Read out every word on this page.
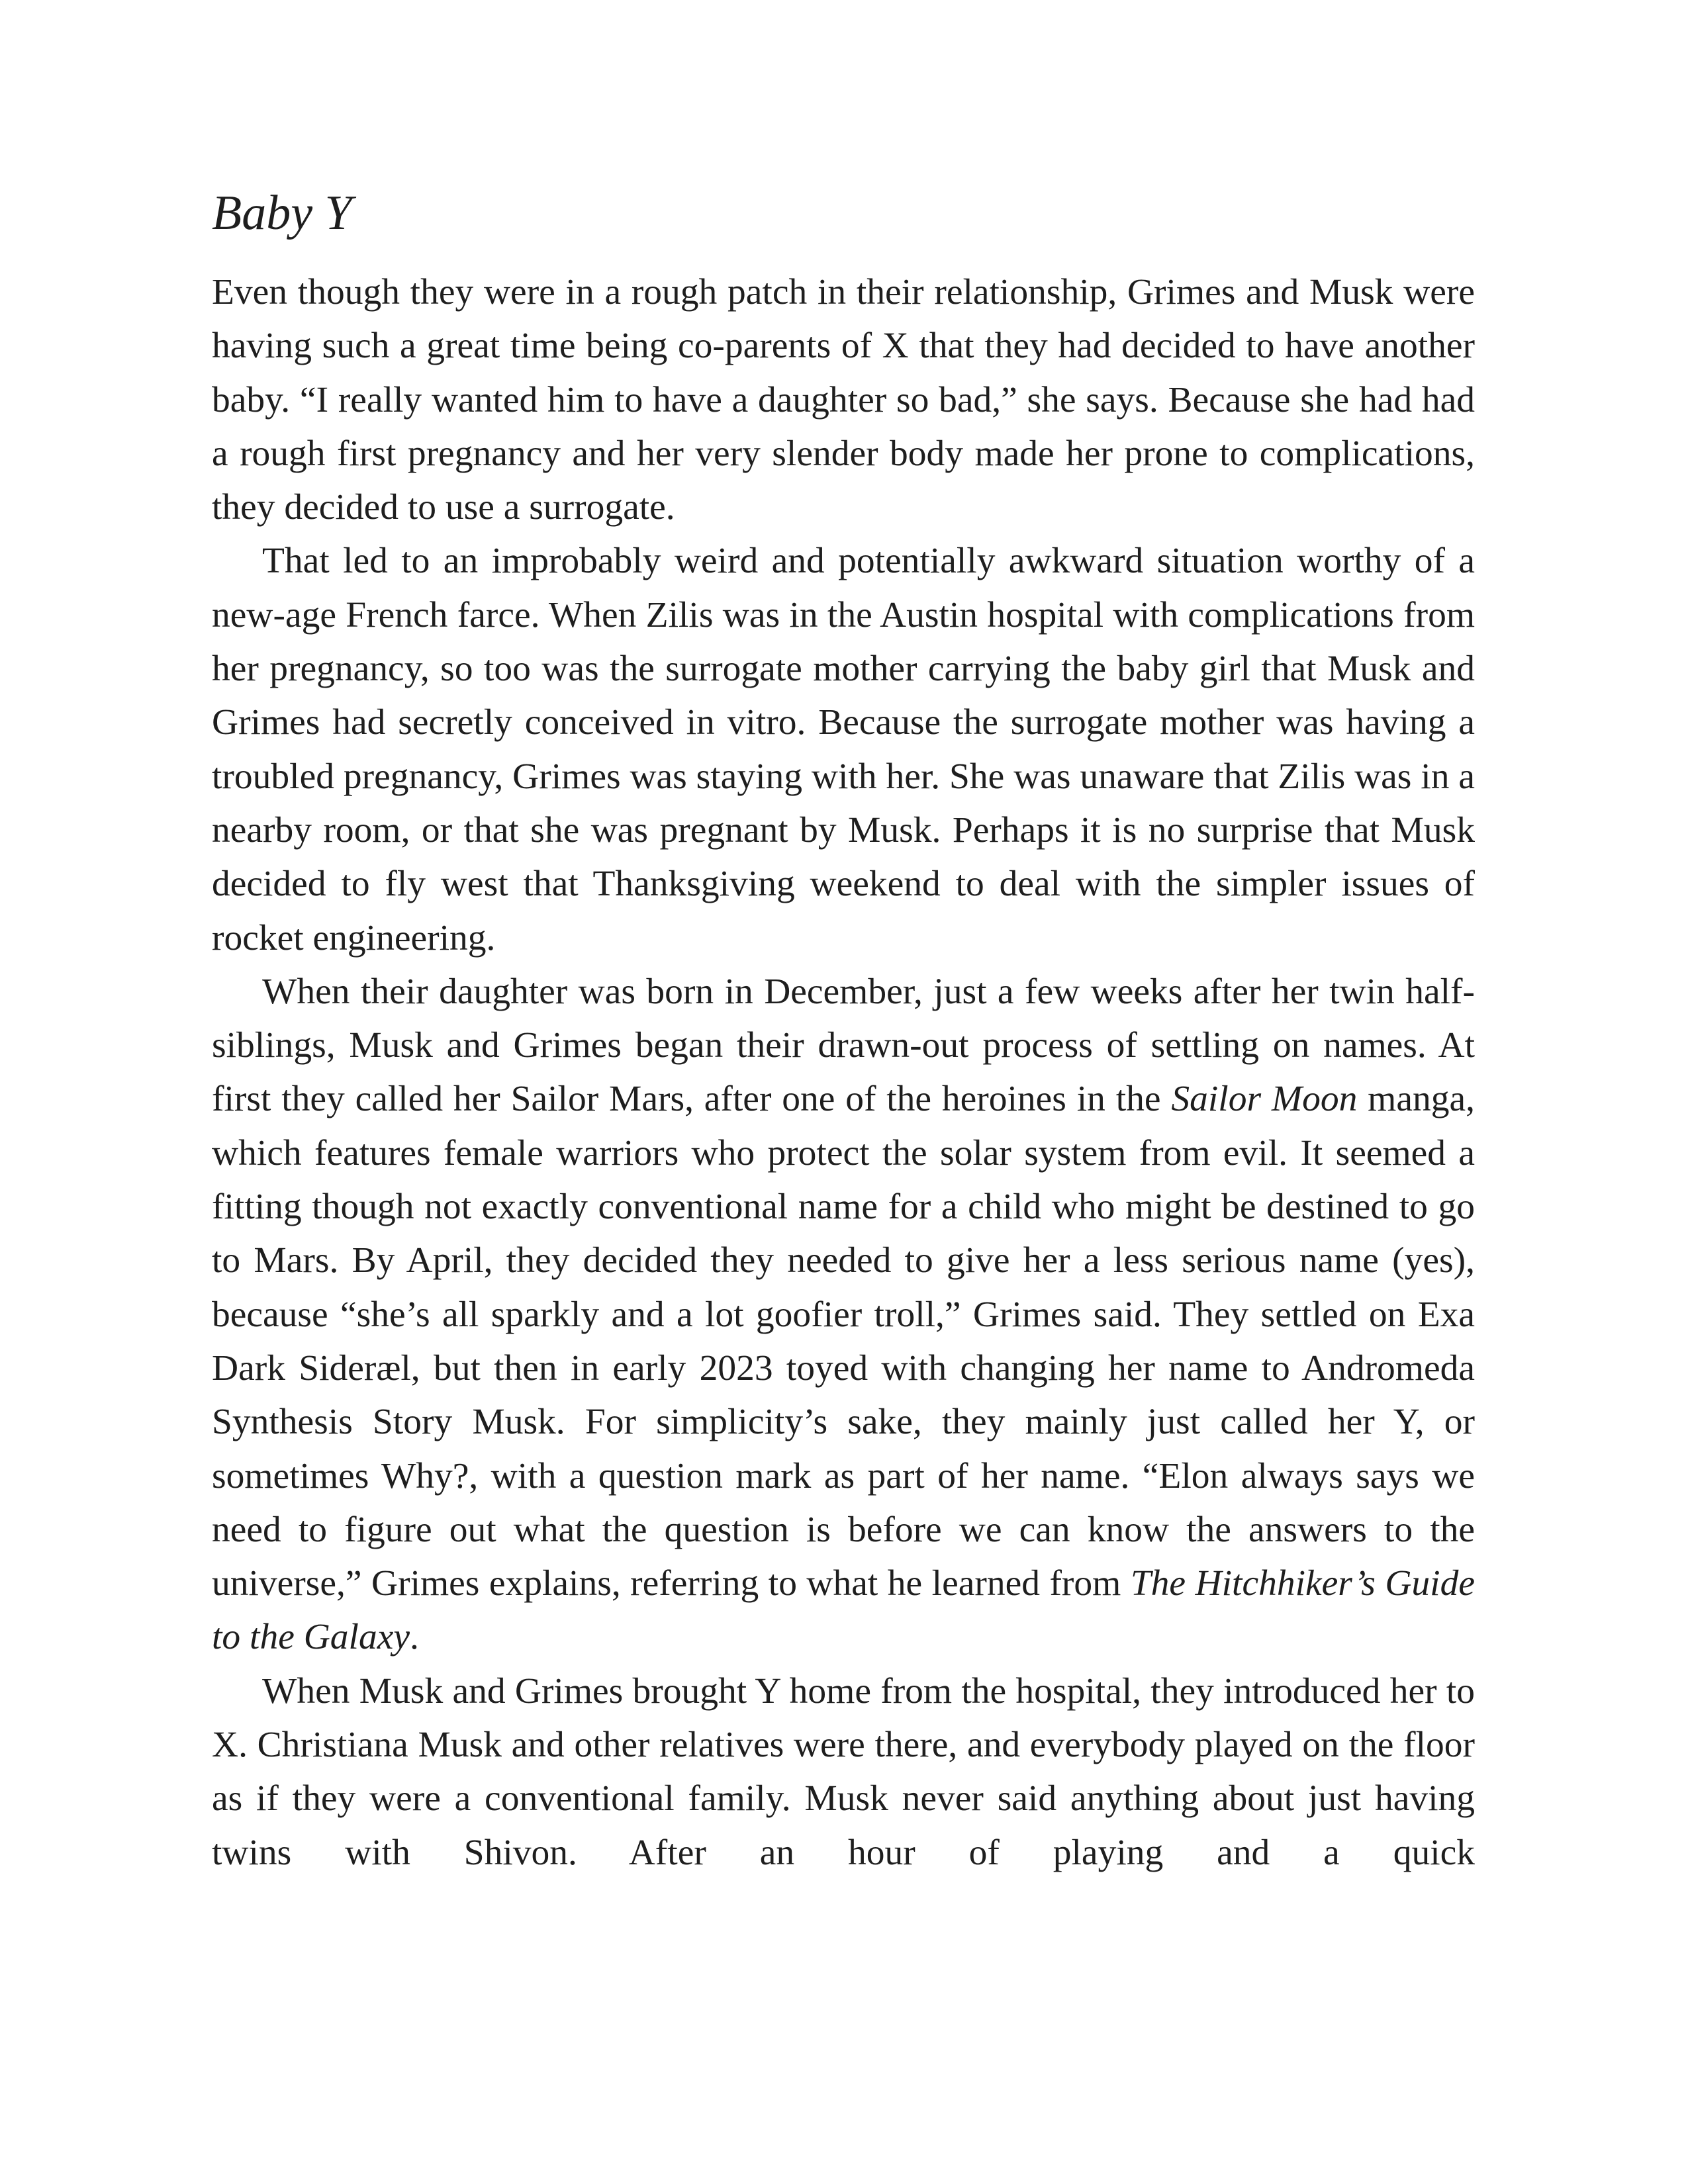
Baby Y

Even though they were in a rough patch in their relationship, Grimes and Musk were having such a great time being co-parents of X that they had decided to have another baby. “I really wanted him to have a daughter so bad,” she says. Because she had had a rough first pregnancy and her very slender body made her prone to complications, they decided to use a surrogate.

That led to an improbably weird and potentially awkward situation worthy of a new-age French farce. When Zilis was in the Austin hospital with complications from her pregnancy, so too was the surrogate mother carrying the baby girl that Musk and Grimes had secretly conceived in vitro. Because the surrogate mother was having a troubled pregnancy, Grimes was staying with her. She was unaware that Zilis was in a nearby room, or that she was pregnant by Musk. Perhaps it is no surprise that Musk decided to fly west that Thanksgiving weekend to deal with the simpler issues of rocket engineering.

When their daughter was born in December, just a few weeks after her twin half-siblings, Musk and Grimes began their drawn-out process of settling on names. At first they called her Sailor Mars, after one of the heroines in the Sailor Moon manga, which features female warriors who protect the solar system from evil. It seemed a fitting though not exactly conventional name for a child who might be destined to go to Mars. By April, they decided they needed to give her a less serious name (yes), because “she’s all sparkly and a lot goofier troll,” Grimes said. They settled on Exa Dark Sideræl, but then in early 2023 toyed with changing her name to Andromeda Synthesis Story Musk. For simplicity’s sake, they mainly just called her Y, or sometimes Why?, with a question mark as part of her name. “Elon always says we need to figure out what the question is before we can know the answers to the universe,” Grimes explains, referring to what he learned from The Hitchhiker’s Guide to the Galaxy.

When Musk and Grimes brought Y home from the hospital, they introduced her to X. Christiana Musk and other relatives were there, and everybody played on the floor as if they were a conventional family. Musk never said anything about just having twins with Shivon. After an hour of playing and a quick
